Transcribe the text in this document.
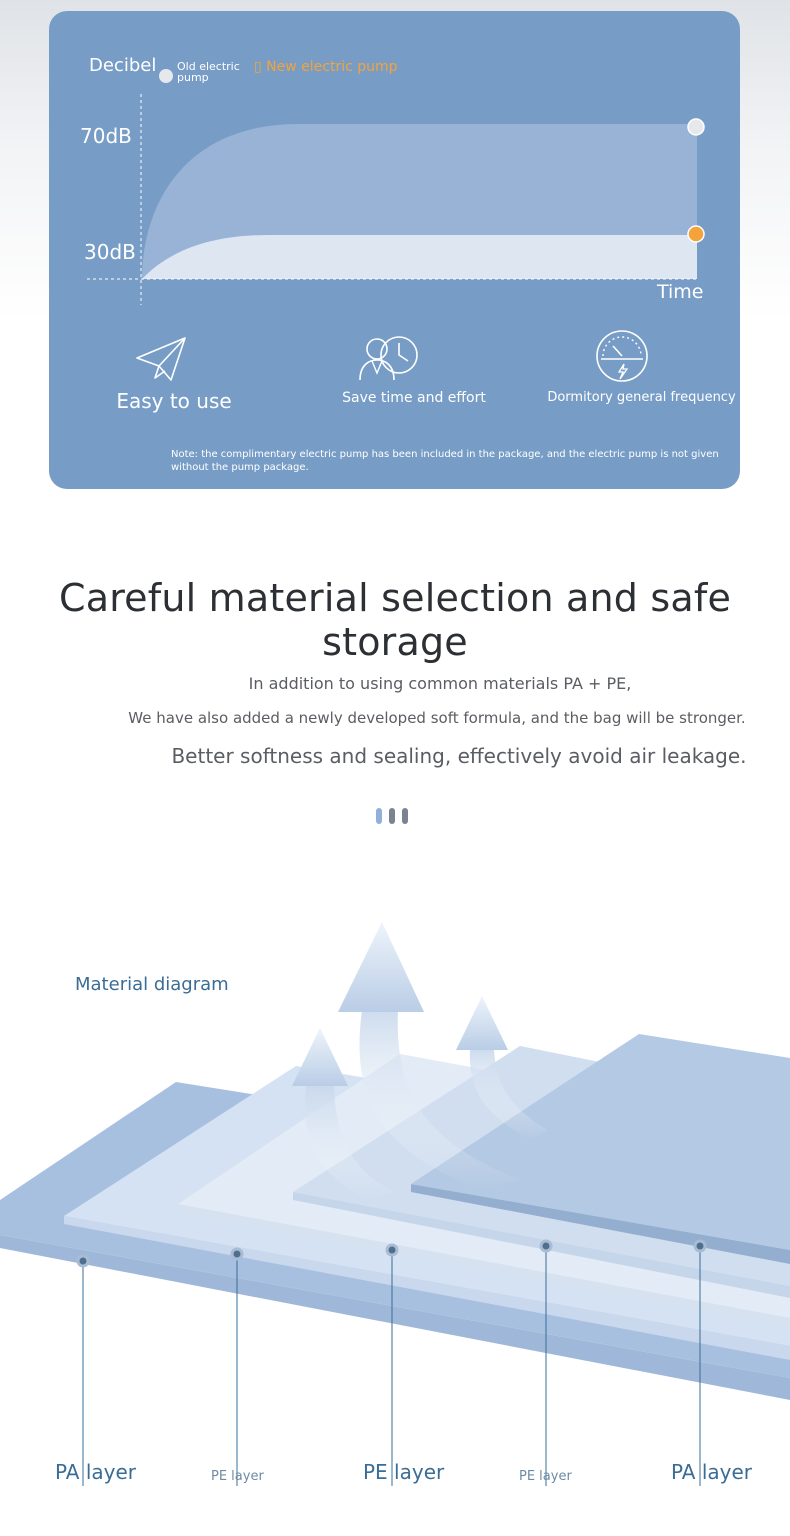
Decibel Old electric pump
▯ New electric pump
70dB
30dB
Time
Easy to use	Save time and effort	Dormitory general frequency
Note: the complimentary electric pump has been included in the package, and the electric pump is not given without the pump package.
Careful material selection and safe storage
In addition to using common materials PA + PE,
We have also added a newly developed soft formula, and the bag will be stronger.
Better softness and sealing, effectively avoid air leakage.
Material diagram
PA layer	PE layer	PE layer	PE layer	PA layer
